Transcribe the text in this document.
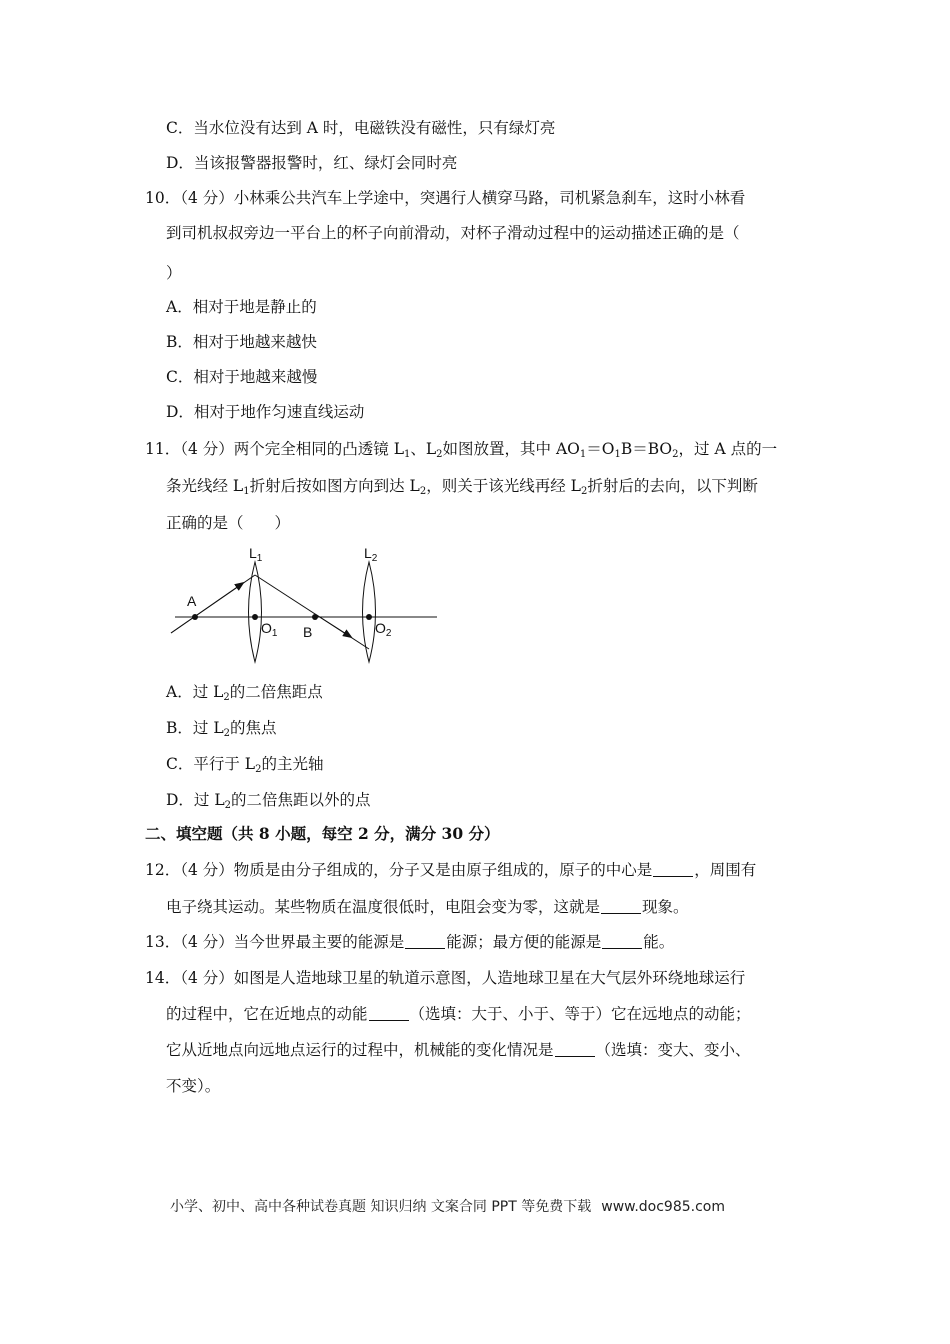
C．当水位没有达到 A 时，电磁铁没有磁性，只有绿灯亮
D．当该报警器报警时，红、绿灯会同时亮
10．（4 分）小林乘公共汽车上学途中，突遇行人横穿马路，司机紧急刹车，这时小林看
到司机叔叔旁边一平台上的杯子向前滑动，对杯子滑动过程中的运动描述正确的是（
）
A．相对于地是静止的
B．相对于地越来越快
C．相对于地越来越慢
D．相对于地作匀速直线运动
11．（4 分）两个完全相同的凸透镜 $L_1$、$L_2$如图放置，其中 $AO_1=O_1B=BO_2$，过 A 点的一
条光线经 $L_1$折射后按如图方向到达 $L_2$，则关于该光线再经 $L_2$折射后的去向，以下判断
正确的是（　　）
$L_1$	$L_2$
A
$O_1$ B	$O_2$
A．过 $L_2$的二倍焦距点
B．过 $L_2$的焦点
C．平行于 $L_2$的主光轴
D．过 $L_2$的二倍焦距以外的点
二、填空题（共 8 小题，每空 2 分，满分 30 分）
12．（4 分）物质是由分子组成的，分子又是由原子组成的，原子的中心是	，周围有
电子绕其运动。某些物质在温度很低时，电阻会变为零，这就是	现象。
13．（4 分）当今世界最主要的能源是	能源；最方便的能源是	能。
14．（4 分）如图是人造地球卫星的轨道示意图，人造地球卫星在大气层外环绕地球运行
的过程中，它在近地点的动能	（选填：大于、小于、等于）它在远地点的动能；
它从近地点向远地点运行的过程中，机械能的变化情况是	（选填：变大、变小、
不变）。
小学、初中、高中各种试卷真题 知识归纳 文案合同 PPT 等免费下载 www.doc985.com
